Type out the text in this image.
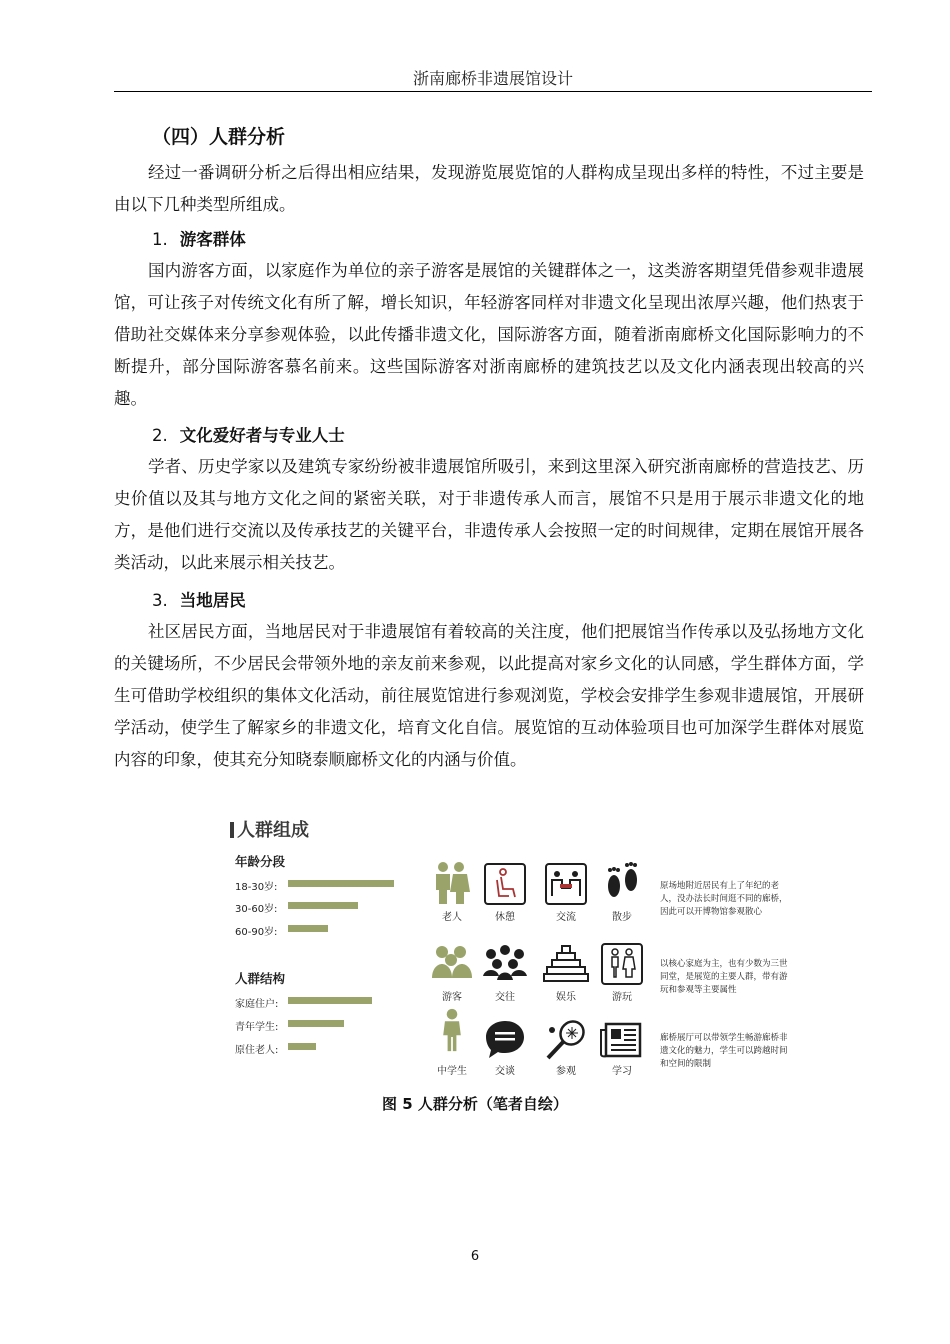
浙南廊桥非遗展馆设计
（四）人群分析
经过一番调研分析之后得出相应结果，发现游览展览馆的人群构成呈现出多样的特性，不过主要是由以下几种类型所组成。
1. 游客群体
国内游客方面，以家庭作为单位的亲子游客是展馆的关键群体之一，这类游客期望凭借参观非遗展馆，可让孩子对传统文化有所了解，增长知识，年轻游客同样对非遗文化呈现出浓厚兴趣，他们热衷于借助社交媒体来分享参观体验，以此传播非遗文化，国际游客方面，随着浙南廊桥文化国际影响力的不断提升，部分国际游客慕名前来。这些国际游客对浙南廊桥的建筑技艺以及文化内涵表现出较高的兴趣。
2. 文化爱好者与专业人士
学者、历史学家以及建筑专家纷纷被非遗展馆所吸引，来到这里深入研究浙南廊桥的营造技艺、历史价值以及其与地方文化之间的紧密关联，对于非遗传承人而言，展馆不只是用于展示非遗文化的地方，是他们进行交流以及传承技艺的关键平台，非遗传承人会按照一定的时间规律，定期在展馆开展各类活动，以此来展示相关技艺。
3. 当地居民
社区居民方面，当地居民对于非遗展馆有着较高的关注度，他们把展馆当作传承以及弘扬地方文化的关键场所，不少居民会带领外地的亲友前来参观，以此提高对家乡文化的认同感，学生群体方面，学生可借助学校组织的集体文化活动，前往展览馆进行参观浏览，学校会安排学生参观非遗展馆，开展研学活动，使学生了解家乡的非遗文化，培育文化自信。展览馆的互动体验项目也可加深学生群体对展览内容的印象，使其充分知晓泰顺廊桥文化的内涵与价值。
人群组成
年龄分段
18-30岁:
30-60岁:
60-90岁:
人群结构
家庭住户:
青年学生:
原住老人:
老人	休憩	交流	散步
原场地附近居民有上了年纪的老人，没办法长时间逛不同的廊桥，因此可以开博物馆参观散心
游客	交往	娱乐	游玩
以核心家庭为主，也有少数为三世同堂，是展览的主要人群，带有游玩和参观等主要属性
中学生	交谈	参观	学习
廊桥展厅可以带领学生畅游廊桥非遗文化的魅力，学生可以跨越时间和空间的限制
图 5 人群分析（笔者自绘）
6
